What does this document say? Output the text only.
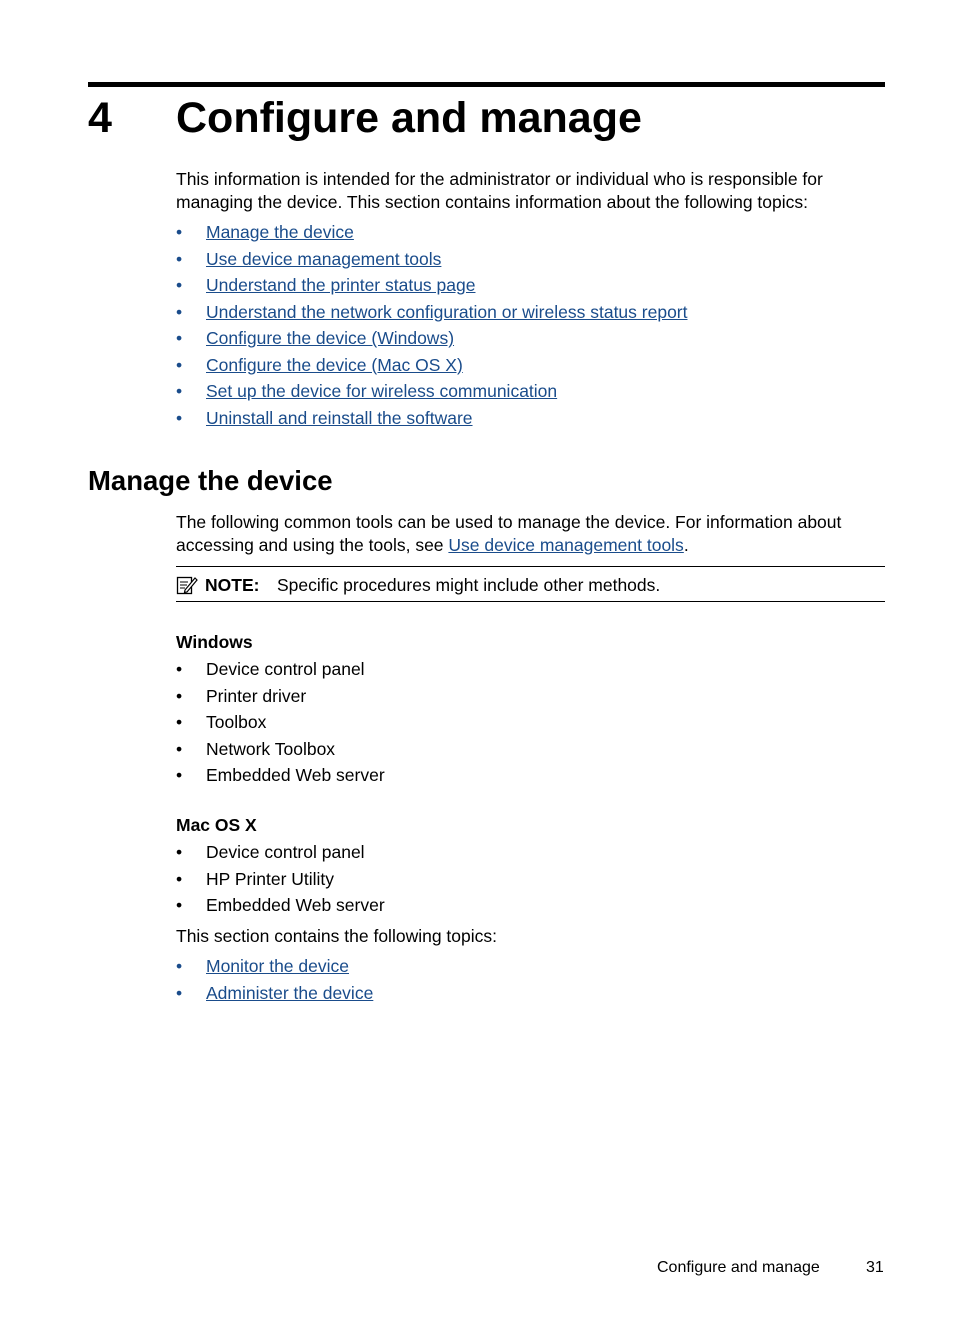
4 Configure and manage
This information is intended for the administrator or individual who is responsible for managing the device. This section contains information about the following topics:
• Manage the device
• Use device management tools
• Understand the printer status page
• Understand the network configuration or wireless status report
• Configure the device (Windows)
• Configure the device (Mac OS X)
• Set up the device for wireless communication
• Uninstall and reinstall the software
Manage the device
The following common tools can be used to manage the device. For information about accessing and using the tools, see Use device management tools.
NOTE: Specific procedures might include other methods.
Windows
• Device control panel
• Printer driver
• Toolbox
• Network Toolbox
• Embedded Web server
Mac OS X
• Device control panel
• HP Printer Utility
• Embedded Web server
This section contains the following topics:
• Monitor the device
• Administer the device
Configure and manage	31
